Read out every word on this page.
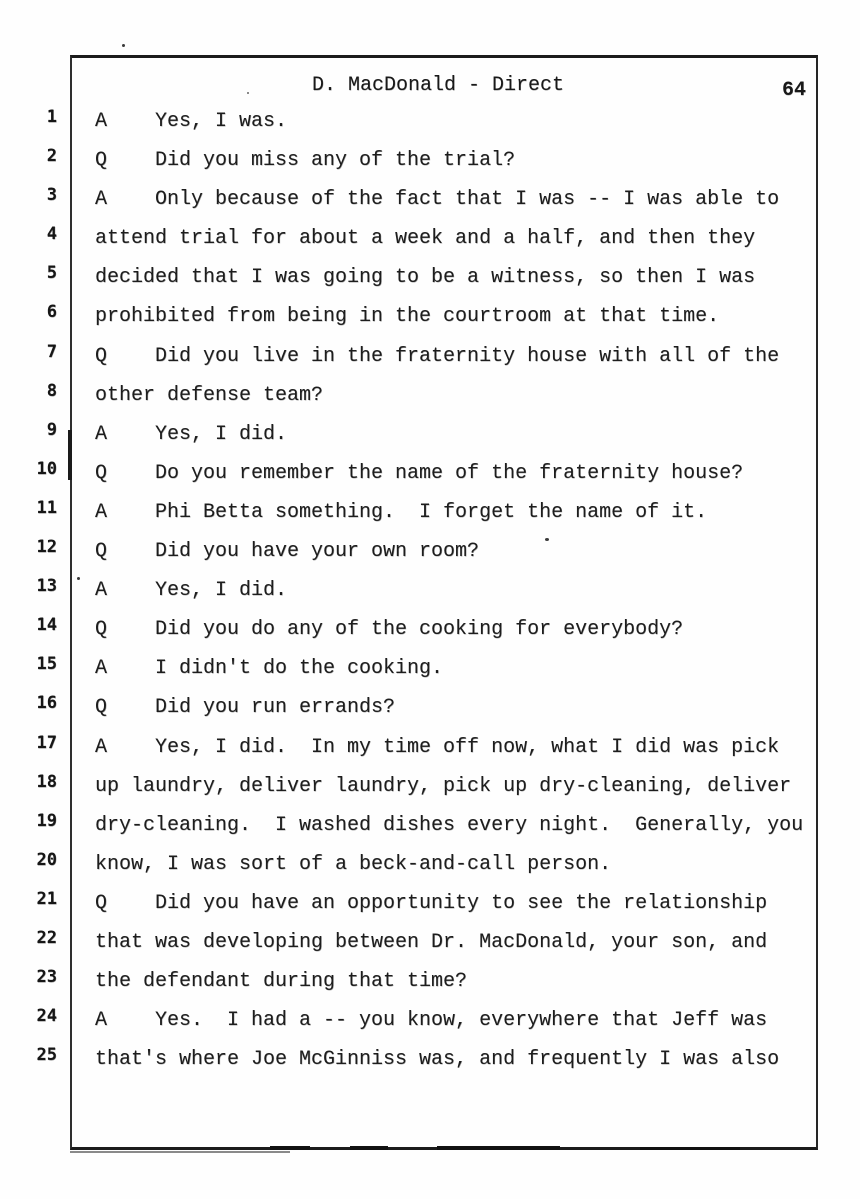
D. MacDonald - Direct	64
1 A    Yes, I was.
2 Q    Did you miss any of the trial?
3 A    Only because of the fact that I was -- I was able to
4 attend trial for about a week and a half, and then they
5 decided that I was going to be a witness, so then I was
6 prohibited from being in the courtroom at that time.
7 Q    Did you live in the fraternity house with all of the
8 other defense team?
9 A    Yes, I did.
10 Q    Do you remember the name of the fraternity house?
11 A    Phi Betta something.  I forget the name of it.
12 Q    Did you have your own room?
13 A    Yes, I did.
14 Q    Did you do any of the cooking for everybody?
15 A    I didn't do the cooking.
16 Q    Did you run errands?
17 A    Yes, I did.  In my time off now, what I did was pick
18 up laundry, deliver laundry, pick up dry-cleaning, deliver
19 dry-cleaning.  I washed dishes every night.  Generally, you
20 know, I was sort of a beck-and-call person.
21 Q    Did you have an opportunity to see the relationship
22 that was developing between Dr. MacDonald, your son, and
23 the defendant during that time?
24 A    Yes.  I had a -- you know, everywhere that Jeff was
25 that's where Joe McGinniss was, and frequently I was also
